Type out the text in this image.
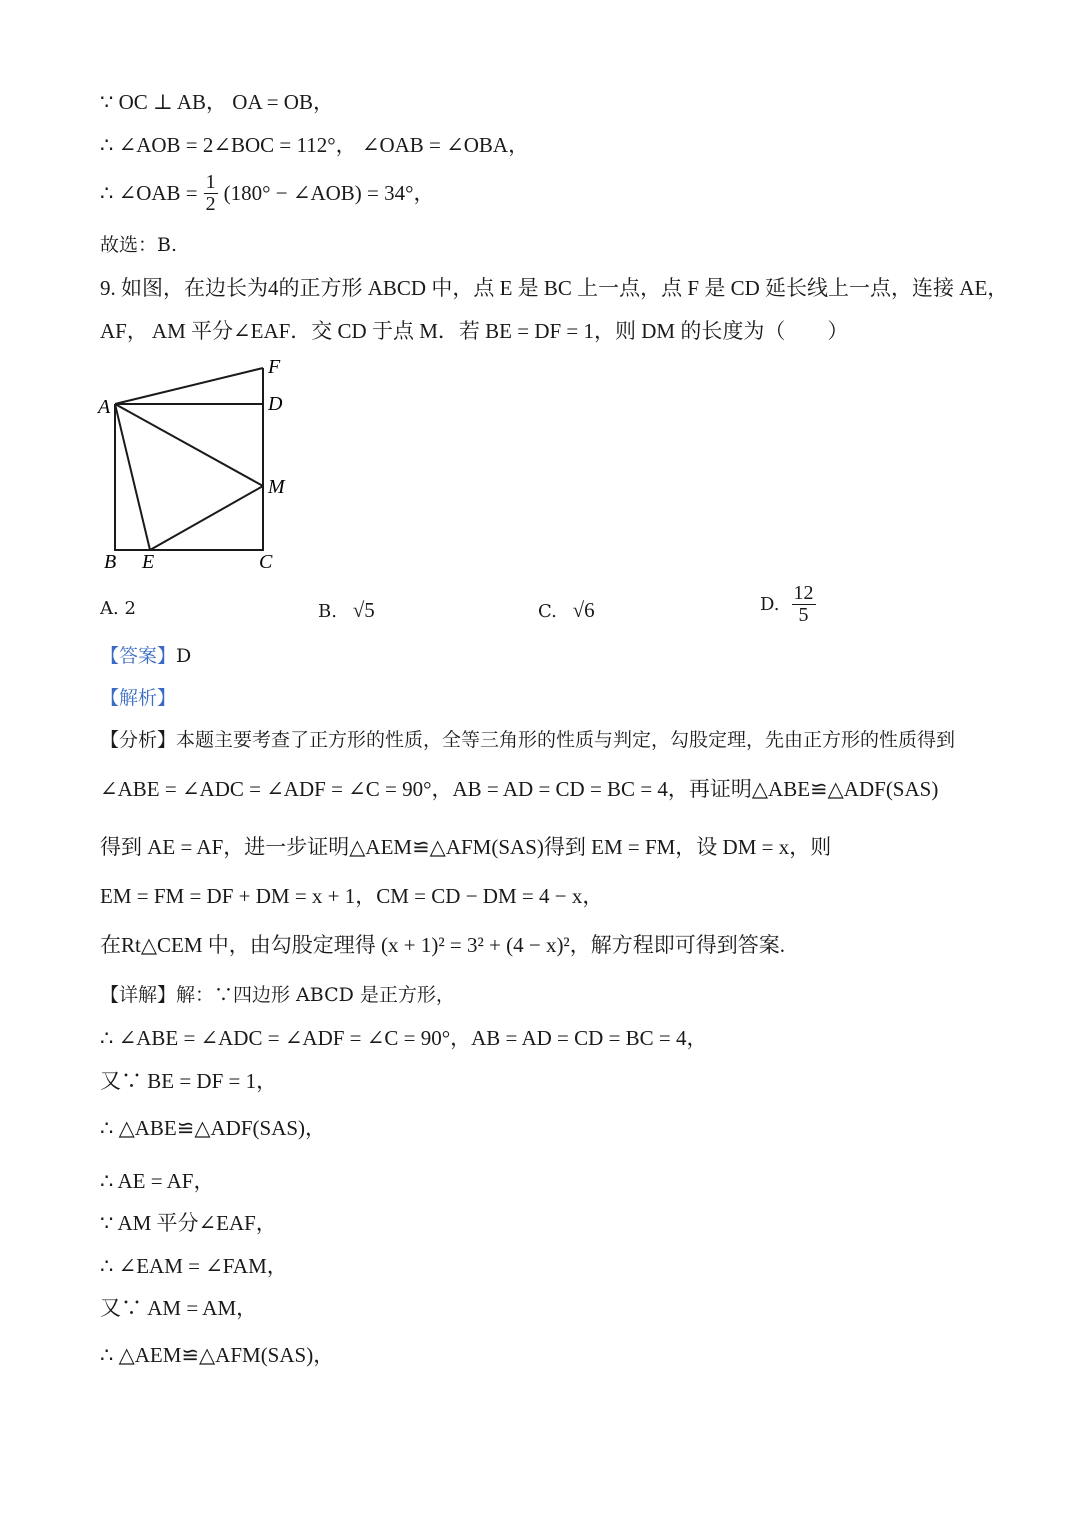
∵ OC ⊥ AB， OA = OB，
∴ ∠AOB = 2∠BOC = 112°， ∠OAB = ∠OBA，
∴ ∠OAB = $\frac{1}{2} (180^\circ$ − ∠AOB) = 34°，
故选：B.
9. 如图，在边长为4的正方形 ABCD 中，点 E 是 BC 上一点，点 F 是 CD 延长线上一点，连接 AE，
AF， AM 平分∠EAF．交 CD 于点 M．若 BE = DF = 1，则 DM 的长度为（　　）
A
F
D
M
B E	C
A. 2	B. √5	C. √6	D. $\frac{12}{5}$
【答案】D
【解析】
【分析】本题主要考查了正方形的性质，全等三角形的性质与判定，勾股定理，先由正方形的性质得到
∠ABE = ∠ADC = ∠ADF = ∠C = 90°，AB = AD = CD = BC = 4，再证明△ABE≌△ADF(SAS)
得到 AE = AF，进一步证明△AEM≌△AFM(SAS)得到 EM = FM，设 DM = x，则
EM = FM = DF + DM = x + 1，CM = CD − DM = 4 − x，
在Rt△CEM 中，由勾股定理得 (x + 1)² = 3² + (4 − x)²，解方程即可得到答案.
【详解】解：∵四边形 ABCD 是正方形，
∴ ∠ABE = ∠ADC = ∠ADF = ∠C = 90°，AB = AD = CD = BC = 4，
又∵ BE = DF = 1，
∴ △ABE≌△ADF(SAS)，
∴ AE = AF，
∵ AM 平分∠EAF，
∴ ∠EAM = ∠FAM，
又∵ AM = AM，
∴ △AEM≌△AFM(SAS)，
